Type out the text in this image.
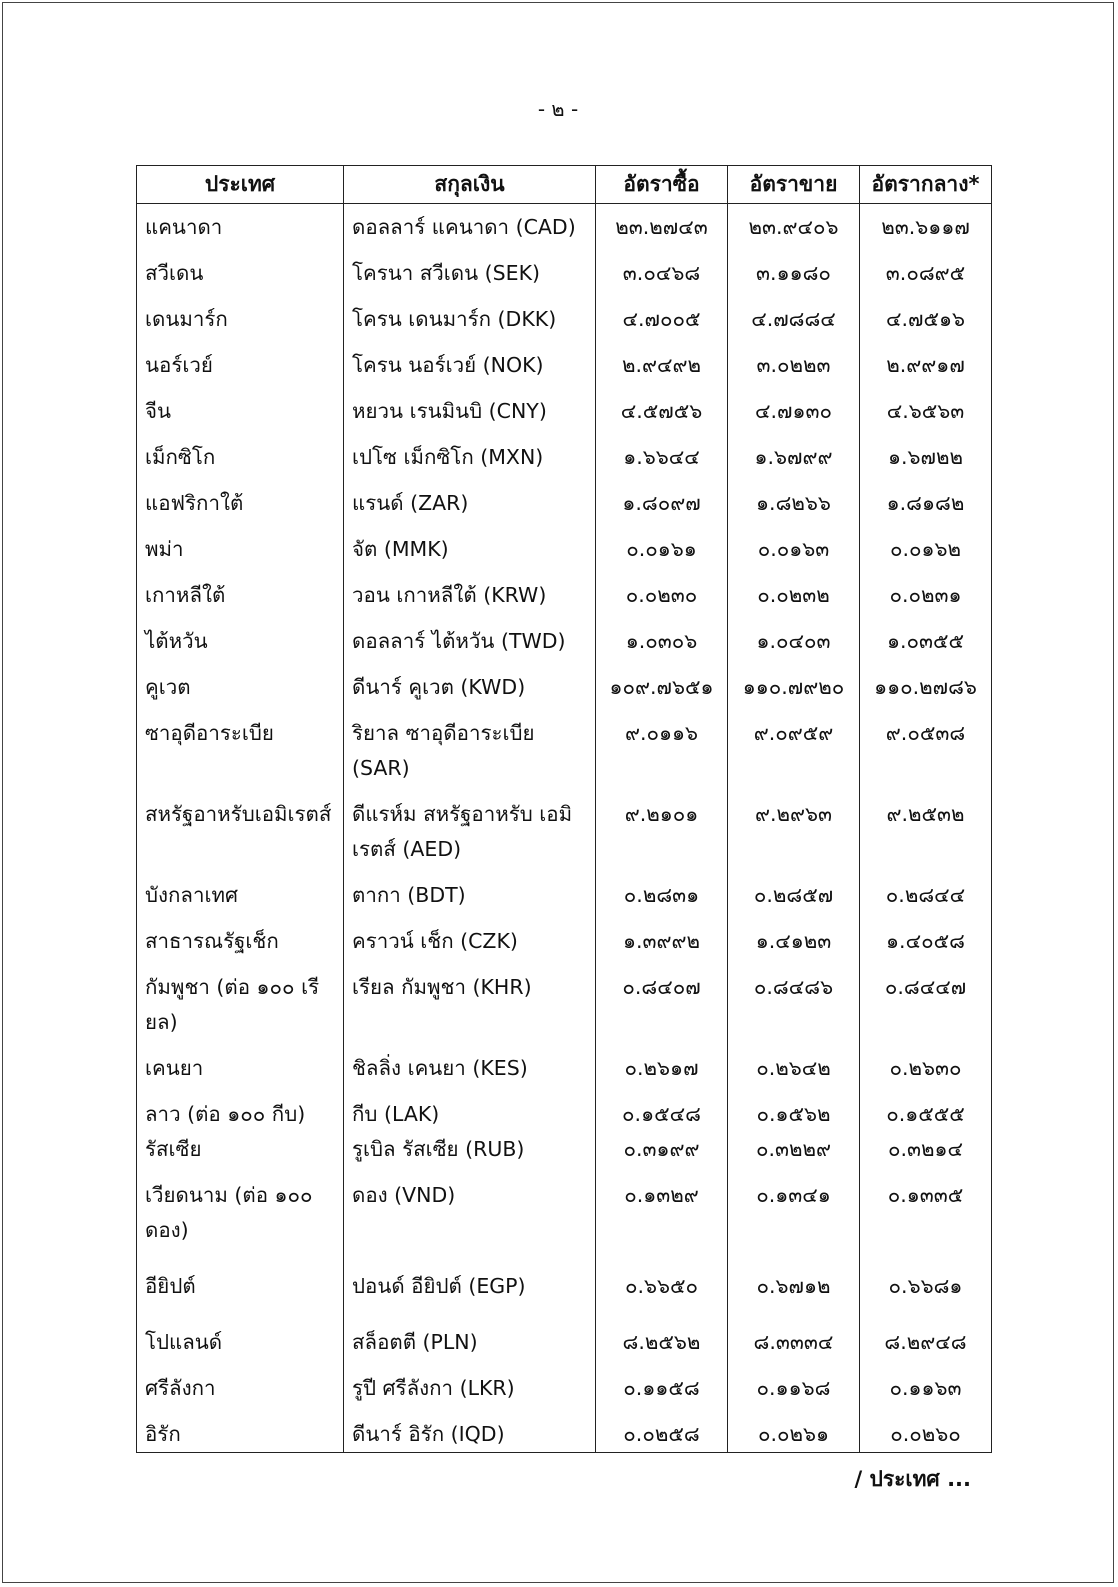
- ๒ -
ประเทศ	สกุลเงิน	อัตราซื้อ	อัตราขาย	อัตรากลาง*
แคนาดา	ดอลลาร์ แคนาดา (CAD)	๒๓.๒๗๔๓	๒๓.๙๔๐๖	๒๓.๖๑๑๗
สวีเดน	โครนา สวีเดน (SEK)	๓.๐๔๖๘	๓.๑๑๘๐	๓.๐๘๙๕
เดนมาร์ก	โครน เดนมาร์ก (DKK)	๔.๗๐๐๕	๔.๗๘๘๔	๔.๗๕๑๖
นอร์เวย์	โครน นอร์เวย์ (NOK)	๒.๙๔๙๒	๓.๐๒๒๓	๒.๙๙๑๗
จีน	หยวน เรนมินบิ (CNY)	๔.๕๗๕๖	๔.๗๑๓๐	๔.๖๕๖๓
เม็กซิโก	เปโซ เม็กซิโก (MXN)	๑.๖๖๔๔	๑.๖๗๙๙	๑.๖๗๒๒
แอฟริกาใต้	แรนด์ (ZAR)	๑.๘๐๙๗	๑.๘๒๖๖	๑.๘๑๘๒
พม่า	จัต (MMK)	๐.๐๑๖๑	๐.๐๑๖๓	๐.๐๑๖๒
เกาหลีใต้	วอน เกาหลีใต้ (KRW)	๐.๐๒๓๐	๐.๐๒๓๒	๐.๐๒๓๑
ไต้หวัน	ดอลลาร์ ไต้หวัน (TWD)	๑.๐๓๐๖	๑.๐๔๐๓	๑.๐๓๕๕
คูเวต	ดีนาร์ คูเวต (KWD)	๑๐๙.๗๖๕๑	๑๑๐.๗๙๒๐	๑๑๐.๒๗๘๖
ซาอุดีอาระเบีย	ริยาล ซาอุดีอาระเบีย (SAR)	๙.๐๑๑๖	๙.๐๙๕๙	๙.๐๕๓๘
สหรัฐอาหรับเอมิเรตส์	ดีแรห์ม สหรัฐอาหรับ เอมิเรตส์ (AED)	๙.๒๑๐๑	๙.๒๙๖๓	๙.๒๕๓๒
บังกลาเทศ	ตากา (BDT)	๐.๒๘๓๑	๐.๒๘๕๗	๐.๒๘๔๔
สาธารณรัฐเช็ก	คราวน์ เช็ก (CZK)	๑.๓๙๙๒	๑.๔๑๒๓	๑.๔๐๕๘
กัมพูชา (ต่อ ๑๐๐ เรียล)	เรียล กัมพูชา (KHR)	๐.๘๔๐๗	๐.๘๔๘๖	๐.๘๔๔๗
เคนยา	ชิลลิ่ง เคนยา (KES)	๐.๒๖๑๗	๐.๒๖๔๒	๐.๒๖๓๐
ลาว (ต่อ ๑๐๐ กีบ)	กีบ (LAK)	๐.๑๕๔๘	๐.๑๕๖๒	๐.๑๕๕๕
รัสเซีย	รูเบิล รัสเซีย (RUB)	๐.๓๑๙๙	๐.๓๒๒๙	๐.๓๒๑๔
เวียดนาม (ต่อ ๑๐๐ ดอง)	ดอง (VND)	๐.๑๓๒๙	๐.๑๓๔๑	๐.๑๓๓๕
อียิปต์	ปอนด์ อียิปต์ (EGP)	๐.๖๖๕๐	๐.๖๗๑๒	๐.๖๖๘๑
โปแลนด์	สล็อตตี (PLN)	๘.๒๕๖๒	๘.๓๓๓๔	๘.๒๙๔๘
ศรีลังกา	รูปี ศรีลังกา (LKR)	๐.๑๑๕๘	๐.๑๑๖๘	๐.๑๑๖๓
อิรัก	ดีนาร์ อิรัก (IQD)	๐.๐๒๕๘	๐.๐๒๖๑	๐.๐๒๖๐
/ ประเทศ ...
